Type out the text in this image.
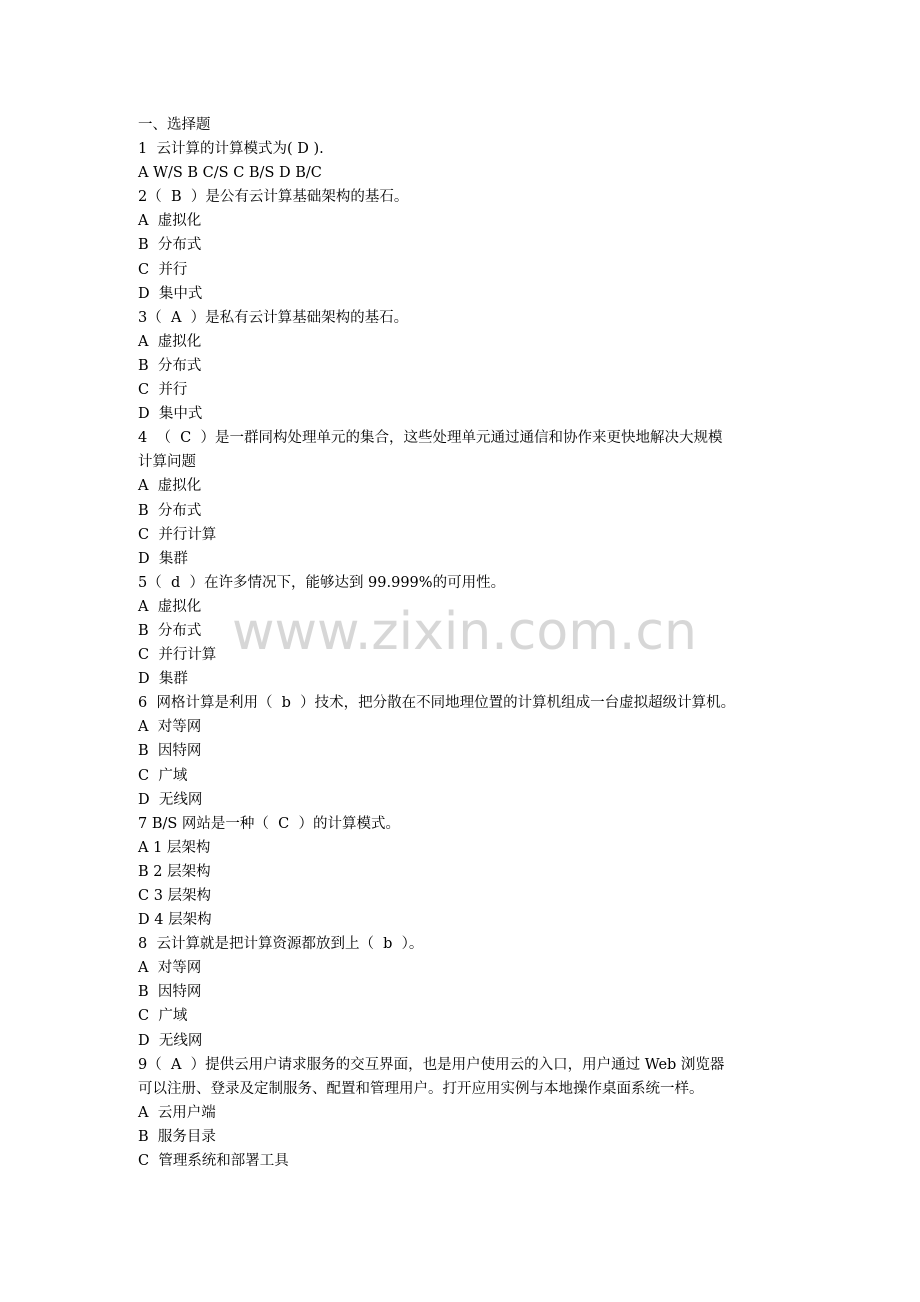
一、选择题
1  云计算的计算模式为( D ).
A W/S B C/S C B/S D B/C
2（  B  ）是公有云计算基础架构的基石。
A  虚拟化
B  分布式
C  并行
D  集中式
3（  A  ）是私有云计算基础架构的基石。
A  虚拟化
B  分布式
C  并行
D  集中式
4  （  C  ）是一群同构处理单元的集合，这些处理单元通过通信和协作来更快地解决大规模
计算问题
A  虚拟化
B  分布式
C  并行计算
D  集群
5（  d  ）在许多情况下，能够达到 99.999%的可用性。
A  虚拟化
B  分布式
C  并行计算
D  集群
6  网格计算是利用（  b  ）技术，把分散在不同地理位置的计算机组成一台虚拟超级计算机。
A  对等网
B  因特网
C  广域
D  无线网
7 B/S 网站是一种（  C  ）的计算模式。
A 1 层架构
B 2 层架构
C 3 层架构
D 4 层架构
8  云计算就是把计算资源都放到上（  b  ）。
A  对等网
B  因特网
C  广域
D  无线网
9（  A  ）提供云用户请求服务的交互界面，也是用户使用云的入口，用户通过 Web 浏览器
可以注册、登录及定制服务、配置和管理用户。打开应用实例与本地操作桌面系统一样。
A  云用户端
B  服务目录
C  管理系统和部署工具
www.zixin.com.cn
